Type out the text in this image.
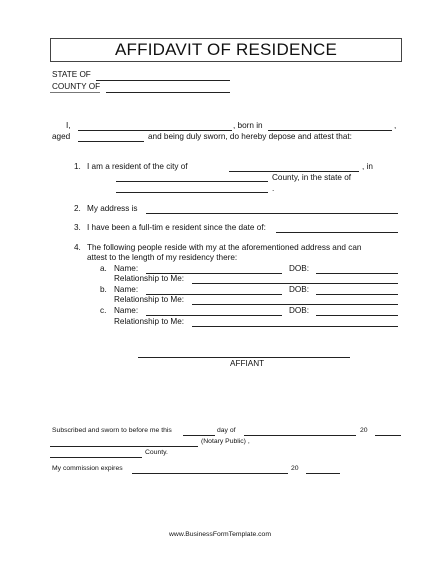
AFFIDAVIT OF RESIDENCE
STATE OF
COUNTY OF
I,	, born in	,
aged	and being duly sworn, do hereby depose and attest that:
1. I am a resident of the city of	, in
County, in the state of
.
2. My address is
3. I have been a full-tim e resident since the date of:
4. The following people reside with my at the aforementioned address and can
attest to the length of my residency there:
a. Name:	DOB:
Relationship to Me:
b. Name:	DOB:
Relationship to Me:
c. Name:	DOB:
Relationship to Me:
AFFIANT
Subscribed and sworn to before me this	day of	20
(Notary Public) ,
County.
My commission expires	20
www.BusinessFormTemplate.com
